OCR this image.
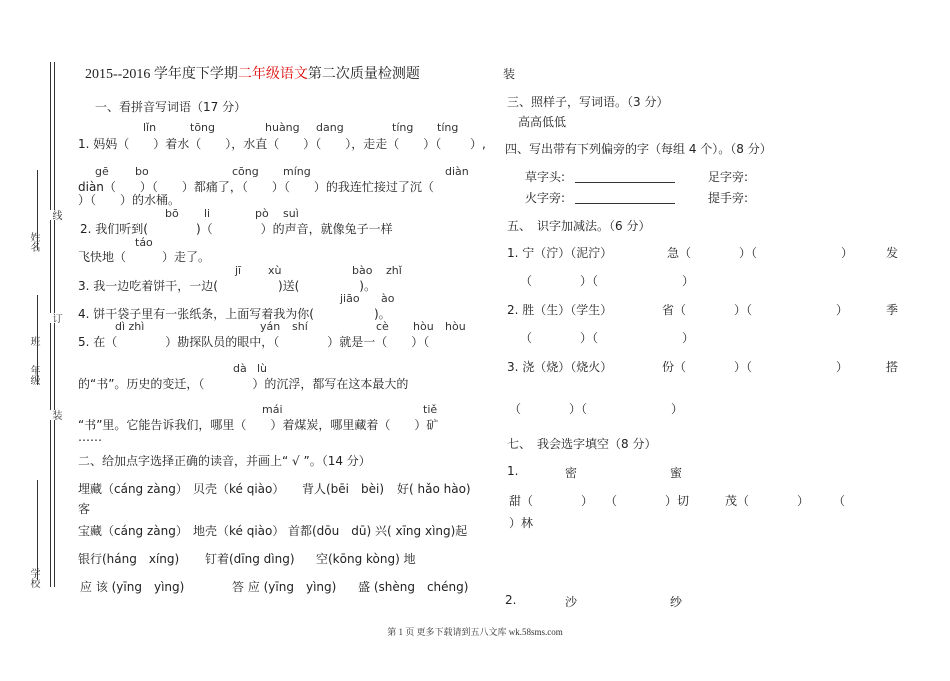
姓名
线
年级
班
订
装
学校
2015--2016 学年度下学期二年级语文第二次质量检测题
一、看拼音写词语（17 分）
lǐn	tōng	huàng dang	tíng tíng
1. 妈妈（　　）着水（　　），水直（　　）（　　），走走（　　）（ ）,
gē bo	cōng míng	diàn
diàn（　　）（　　）都痛了，（　　）（　　）的我连忙接过了沉（
）（　　）的水桶。
bō li	pò suì
2. 我们听到(　　　　)（　　　　）的声音，就像兔子一样
táo
飞快地（　　　）走了。
jī xù	bào zhǐ
3. 我一边吃着饼干，一边(　　　　　)送(　　　　　)。
jiāo ào
4. 饼干袋子里有一张纸条，上面写着我为你(　　　　　)。
dì zhì	yán shí	cè hòu hòu
5. 在（　　　　）勘探队员的眼中，（　　　　）就是一（　　）（
dà lù
的“书”。历史的变迁，（　　　　）的沉浮，都写在这本最大的
mái	tiě
“书”里。它能告诉我们，哪里（　　）着煤炭，哪里藏着（　　）矿
……
二、给加点字选择正确的读音，并画上“ √ ”。（14 分）
埋藏（cáng zàng） 贝壳（ké qiào） 背人(bēi　bèi) 好( hǎo hào)
客
宝藏（cáng zàng） 地壳（ké qiào） 首都(dōu　dū) 兴( xīng xìng)起
银行(háng　xíng) 钉着(dīng dìng) 空(kōng kòng) 地
应 该 (yīng　yìng)	答 应 (yīng　yìng) 盛 (shèng　chéng)
装
三、照样子，写词语。（3 分）
高高低低
四、写出带有下列偏旁的字（每组 4 个）。（8 分）
草字头:	足字旁:
火字旁:	提手旁:
五、　识字加减法。（6 分）
1. 宁（泞）（泥泞）	急（　　　　）（　　　　　　　）	发
（　　　　）（　　　　　　　）
2. 胜（生）（学生）	省（　　　　）（　　　　　　　）	季
（　　　　）（　　　　　　　）
3. 浇（烧）（烧火）	份（　　　　）（　　　　　　　）	搭
（　　　　）（　　　　　　　）
七、　我会选字填空（8 分）
1.	密	蜜
甜（　　　　）　　（　　　　）切　　　茂（　　　　）　　　（
）林
2.	沙	纱
第 1 页 更多下载请到五八文库 wk.58sms.com
